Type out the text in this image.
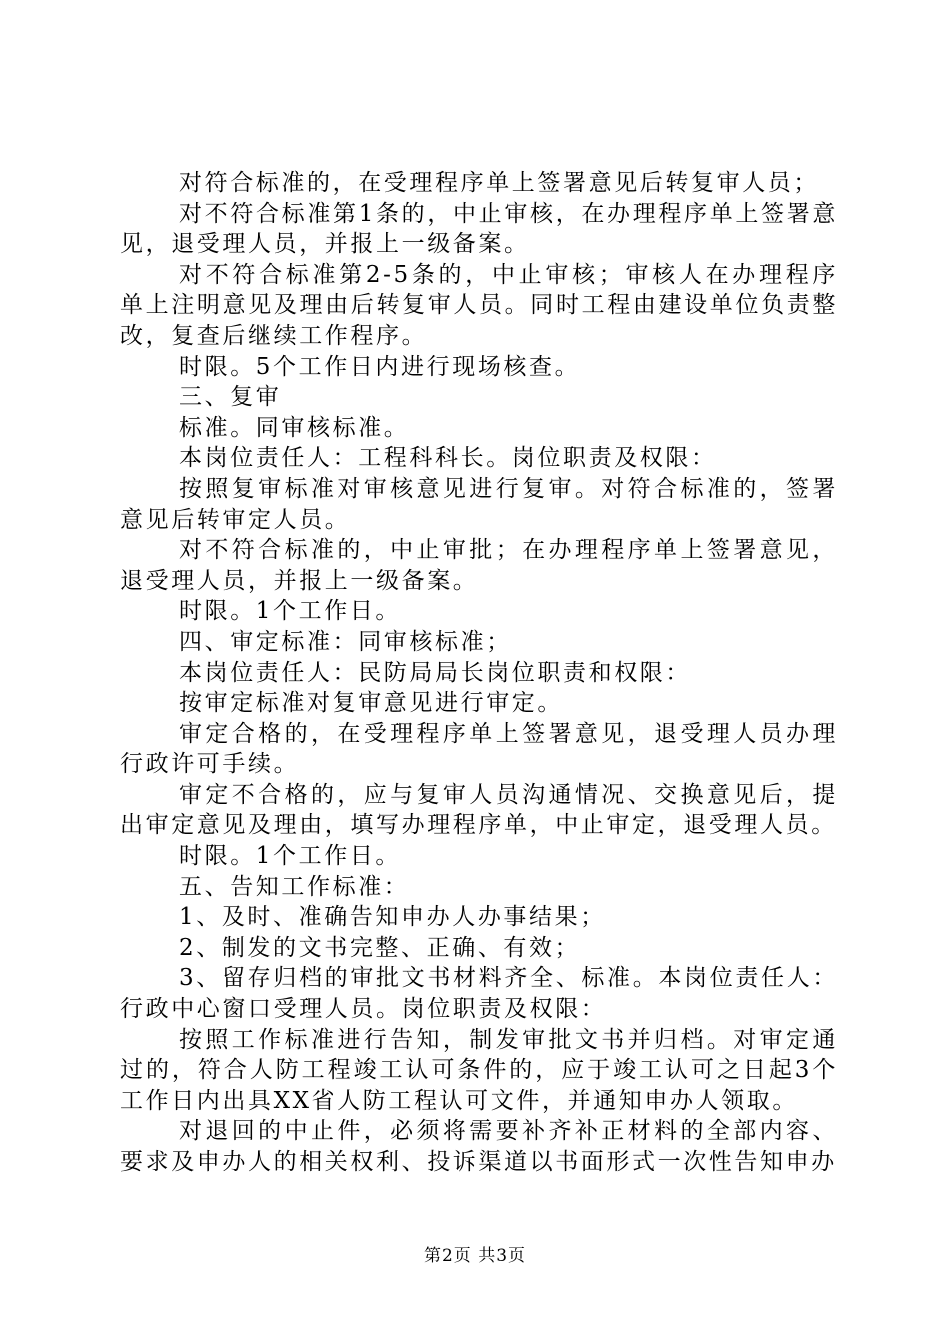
对符合标准的，在受理程序单上签署意见后转复审人员；

对不符合标准第1条的，中止审核，在办理程序单上签署意见，退受理人员，并报上一级备案。

对不符合标准第2-5条的，中止审核；审核人在办理程序单上注明意见及理由后转复审人员。同时工程由建设单位负责整改，复查后继续工作程序。

时限。5个工作日内进行现场核查。

三、复审

标准。同审核标准。

本岗位责任人：工程科科长。岗位职责及权限：

按照复审标准对审核意见进行复审。对符合标准的，签署意见后转审定人员。

对不符合标准的，中止审批；在办理程序单上签署意见，退受理人员，并报上一级备案。

时限。1个工作日。

四、审定标准：同审核标准；

本岗位责任人：民防局局长岗位职责和权限：

按审定标准对复审意见进行审定。

审定合格的，在受理程序单上签署意见，退受理人员办理行政许可手续。

审定不合格的，应与复审人员沟通情况、交换意见后，提出审定意见及理由，填写办理程序单，中止审定，退受理人员。

时限。1个工作日。

五、告知工作标准：

1、及时、准确告知申办人办事结果；

2、制发的文书完整、正确、有效；

3、留存归档的审批文书材料齐全、标准。本岗位责任人：行政中心窗口受理人员。岗位职责及权限：

按照工作标准进行告知，制发审批文书并归档。对审定通过的，符合人防工程竣工认可条件的，应于竣工认可之日起3个工作日内出具XX省人防工程认可文件，并通知申办人领取。

对退回的中止件，必须将需要补齐补正材料的全部内容、要求及申办人的相关权利、投诉渠道以书面形式一次性告知申办

第2页 共3页
